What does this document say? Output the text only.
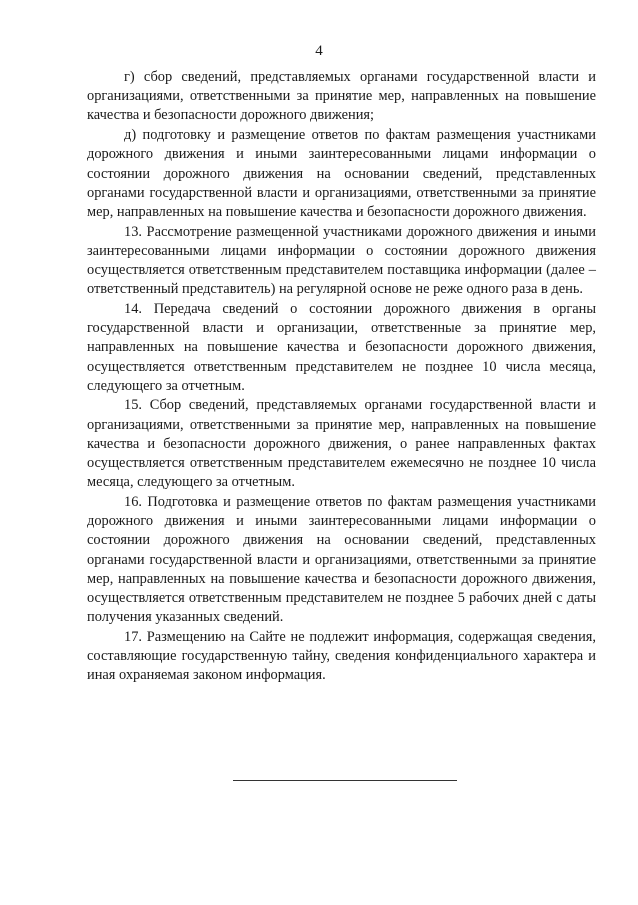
4

г) сбор сведений, представляемых органами государственной власти и организациями, ответственными за принятие мер, направленных на повышение качества и безопасности дорожного движения;

д) подготовку и размещение ответов по фактам размещения участниками дорожного движения и иными заинтересованными лицами информации о состоянии дорожного движения на основании сведений, представленных органами государственной власти и организациями, ответственными за принятие мер, направленных на повышение качества и безопасности дорожного движения.

13. Рассмотрение размещенной участниками дорожного движения и иными заинтересованными лицами информации о состоянии дорожного движения осуществляется ответственным представителем поставщика информации (далее – ответственный представитель) на регулярной основе не реже одного раза в день.

14. Передача сведений о состоянии дорожного движения в органы государственной власти и организации, ответственные за принятие мер, направленных на повышение качества и безопасности дорожного движения, осуществляется ответственным представителем не позднее 10 числа месяца, следующего за отчетным.

15. Сбор сведений, представляемых органами государственной власти и организациями, ответственными за принятие мер, направленных на повышение качества и безопасности дорожного движения, о ранее направленных фактах осуществляется ответственным представителем ежемесячно не позднее 10 числа месяца, следующего за отчетным.

16. Подготовка и размещение ответов по фактам размещения участниками дорожного движения и иными заинтересованными лицами информации о состоянии дорожного движения на основании сведений, представленных органами государственной власти и организациями, ответственными за принятие мер, направленных на повышение качества и безопасности дорожного движения, осуществляется ответственным представителем не позднее 5 рабочих дней с даты получения указанных сведений.

17. Размещению на Сайте не подлежит информация, содержащая сведения, составляющие государственную тайну, сведения конфиденциального характера и иная охраняемая законом информация.
